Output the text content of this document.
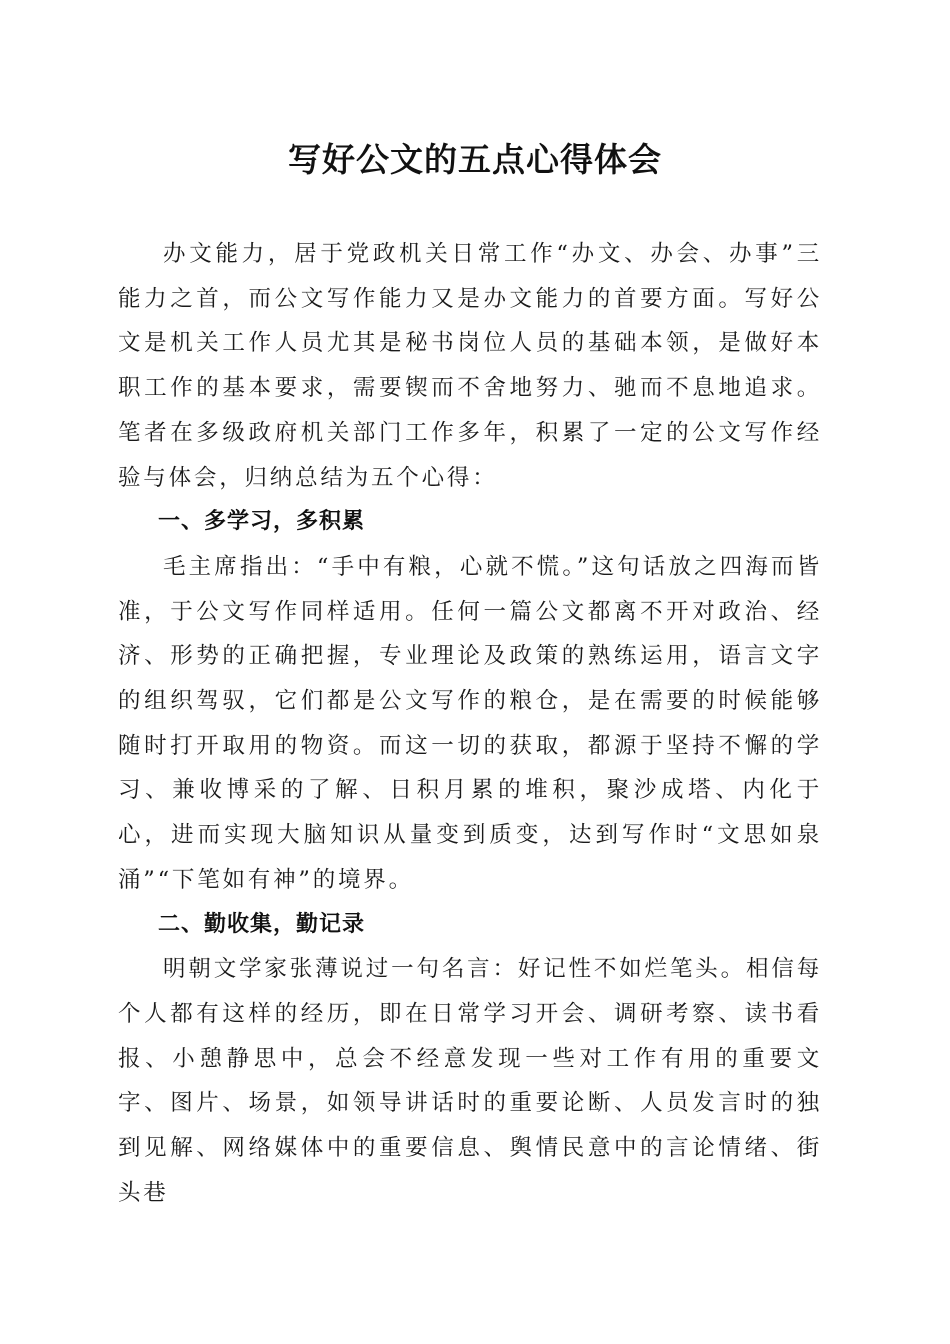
写好公文的五点心得体会

办文能力，居于党政机关日常工作“办文、办会、办事”三能力之首，而公文写作能力又是办文能力的首要方面。写好公文是机关工作人员尤其是秘书岗位人员的基础本领，是做好本职工作的基本要求，需要锲而不舍地努力、驰而不息地追求。笔者在多级政府机关部门工作多年，积累了一定的公文写作经验与体会，归纳总结为五个心得：

一、多学习，多积累

毛主席指出：“手中有粮，心就不慌。”这句话放之四海而皆准，于公文写作同样适用。任何一篇公文都离不开对政治、经济、形势的正确把握，专业理论及政策的熟练运用，语言文字的组织驾驭，它们都是公文写作的粮仓，是在需要的时候能够随时打开取用的物资。而这一切的获取，都源于坚持不懈的学习、兼收博采的了解、日积月累的堆积，聚沙成塔、内化于心，进而实现大脑知识从量变到质变，达到写作时“文思如泉涌”“下笔如有神”的境界。

二、勤收集，勤记录

明朝文学家张薄说过一句名言：好记性不如烂笔头。相信每个人都有这样的经历，即在日常学习开会、调研考察、读书看报、小憩静思中，总会不经意发现一些对工作有用的重要文字、图片、场景，如领导讲话时的重要论断、人员发言时的独到见解、网络媒体中的重要信息、舆情民意中的言论情绪、街头巷
